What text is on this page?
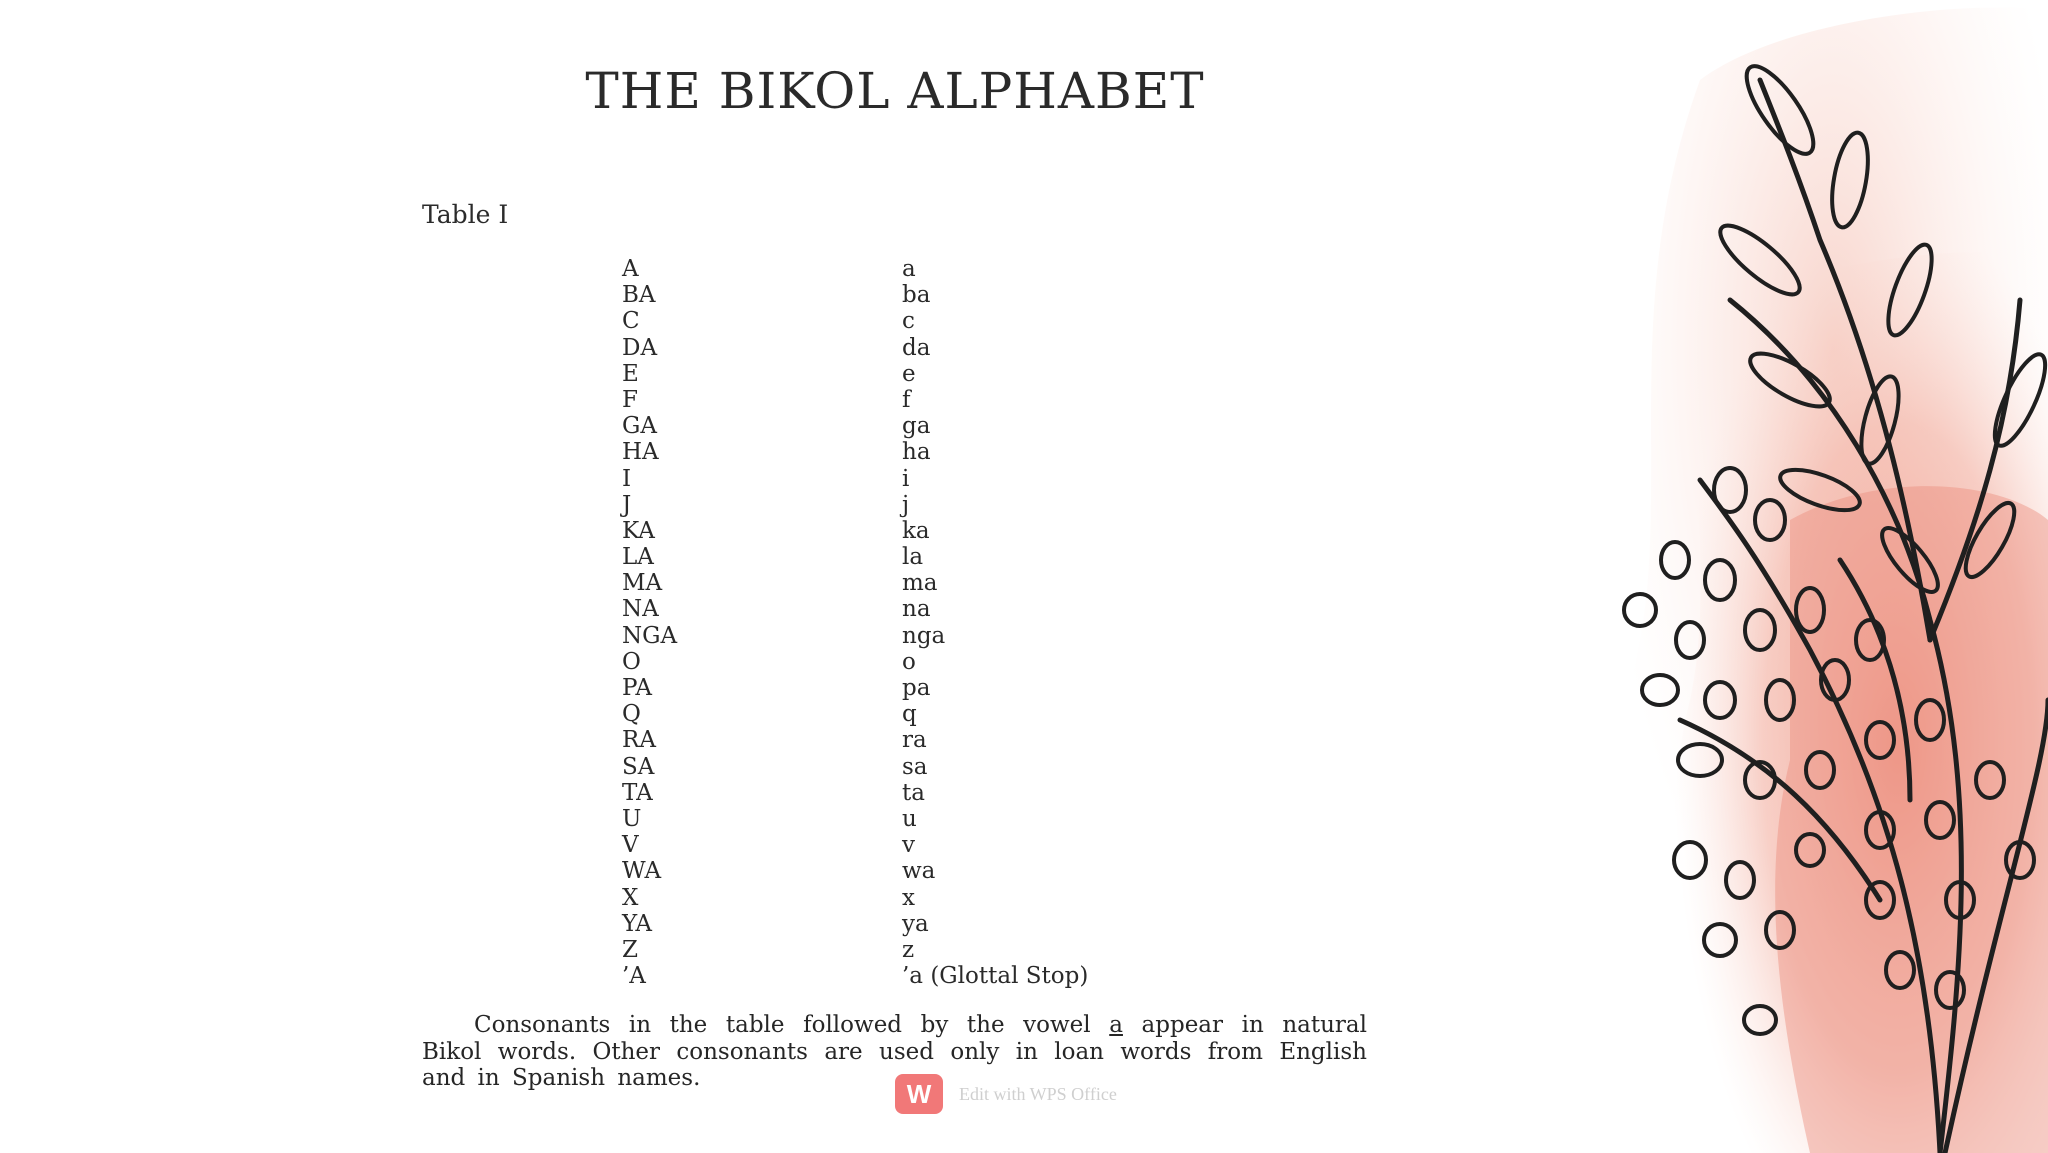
THE BIKOL ALPHABET
Table I
A	a
BA	ba
C	c
DA	da
E	e
F	f
GA	ga
HA	ha
I	i
J	j
KA	ka
LA	la
MA	ma
NA	na
NGA	nga
O	o
PA	pa
Q	q
RA	ra
SA	sa
TA	ta
U	u
V	v
WA	wa
X	x
YA	ya
Z	z
’A	’a (Glottal Stop)
Consonants in the table followed by the vowel a appear in natural Bikol words. Other consonants are used only in loan words from English and in Spanish names.
W	Edit with WPS Office
